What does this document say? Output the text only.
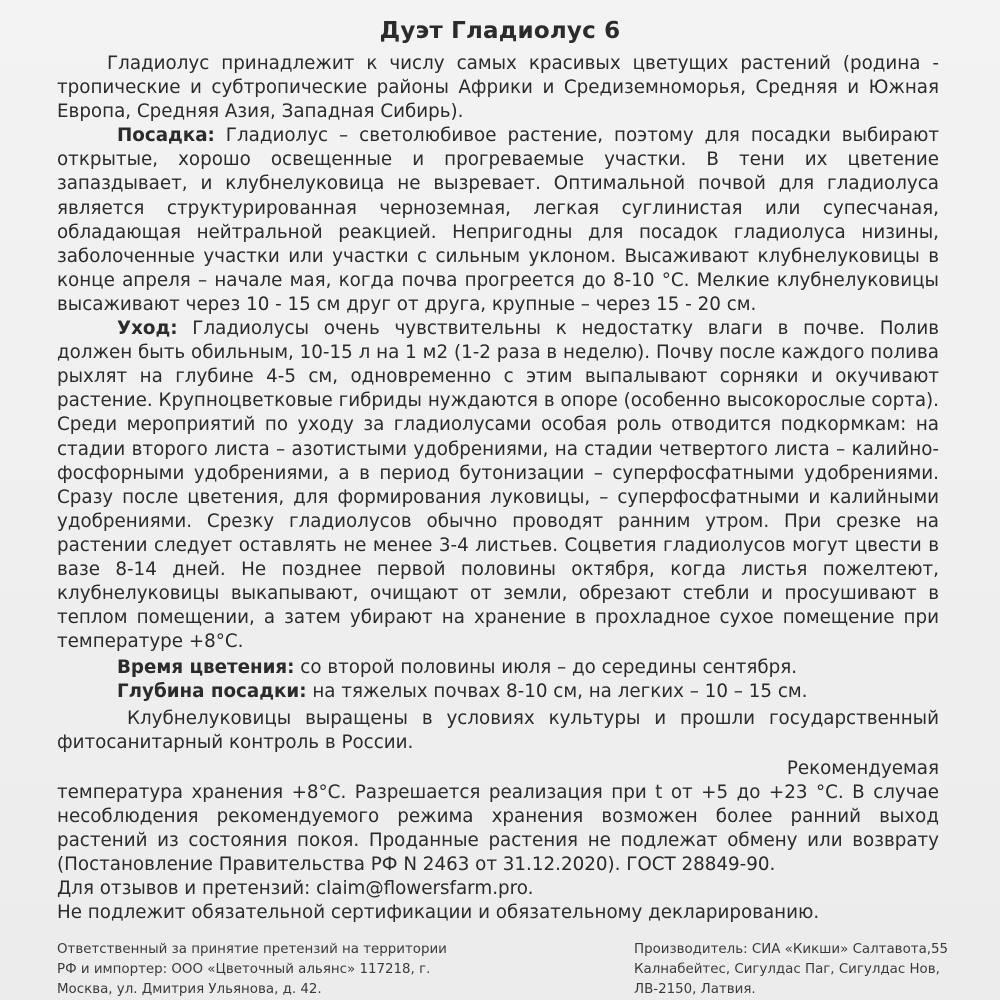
Дуэт Гладиолус 6

Гладиолус принадлежит к числу самых красивых цветущих растений (родина - тропические и субтропические районы Африки и Средиземноморья, Средняя и Южная Европа, Средняя Азия, Западная Сибирь).

Посадка: Гладиолус – светолюбивое растение, поэтому для посадки выбирают открытые, хорошо освещенные и прогреваемые участки. В тени их цветение запаздывает, и клубнелуковица не вызревает. Оптимальной почвой для гладиолуса является структурированная черноземная, легкая суглинистая или супесчаная, обладающая нейтральной реакцией. Непригодны для посадок гладиолуса низины, заболоченные участки или участки с сильным уклоном. Высаживают клубнелуковицы в конце апреля – начале мая, когда почва прогреется до 8-10 °С. Мелкие клубнелуковицы высаживают через 10 - 15 см друг от друга, крупные – через 15 - 20 см.

Уход: Гладиолусы очень чувствительны к недостатку влаги в почве. Полив должен быть обильным, 10-15 л на 1 м2 (1-2 раза в неделю). Почву после каждого полива рыхлят на глубине 4-5 см, одновременно с этим выпалывают сорняки и окучивают растение. Крупноцветковые гибриды нуждаются в опоре (особенно высокорослые сорта). Среди мероприятий по уходу за гладиолусами особая роль отводится подкормкам: на стадии второго листа – азотистыми удобрениями, на стадии четвертого листа – калийно-фосфорными удобрениями, а в период бутонизации – суперфосфатными удобрениями. Сразу после цветения, для формирования луковицы, – суперфосфатными и калийными удобрениями. Срезку гладиолусов обычно проводят ранним утром. При срезке на растении следует оставлять не менее 3-4 листьев. Соцветия гладиолусов могут цвести в вазе 8-14 дней. Не позднее первой половины октября, когда листья пожелтеют, клубнелуковицы выкапывают, очищают от земли, обрезают стебли и просушивают в теплом помещении, а затем убирают на хранение в прохладное сухое помещение при температуре +8°С.

Время цветения: со второй половины июля – до середины сентября.

Глубина посадки: на тяжелых почвах 8-10 см, на легких – 10 – 15 см.

Клубнелуковицы выращены в условиях культуры и прошли государственный фитосанитарный контроль в России.

Рекомендуемая

температура хранения +8°С. Разрешается реализация при t от +5 до +23 °С. В случае несоблюдения рекомендуемого режима хранения возможен более ранний выход растений из состояния покоя. Проданные растения не подлежат обмену или возврату (Постановление Правительства РФ N 2463 от 31.12.2020). ГОСТ 28849-90.

Для отзывов и претензий: claim@flowersfarm.pro.

Не подлежит обязательной сертификации и обязательному декларированию.

Ответственный за принятие претензий на территории РФ и импортер: ООО «Цветочный альянс» 117218, г. Москва, ул. Дмитрия Ульянова, д. 42.
Производитель: СИА «Кикши» Салтавота,55 Калнабейтес, Сигулдас Паг, Сигулдас Нов, ЛВ-2150, Латвия.
